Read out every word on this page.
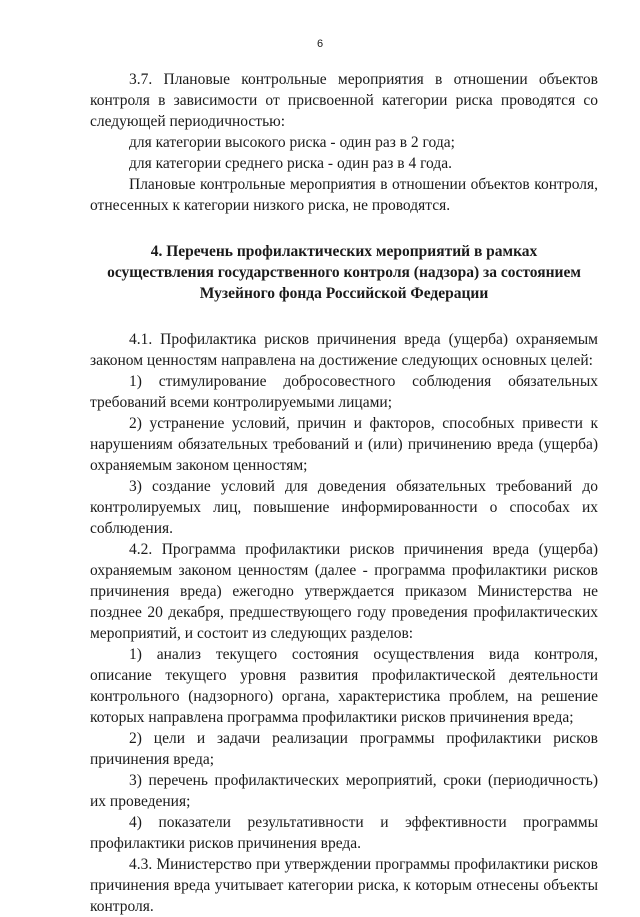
6

3.7. Плановые контрольные мероприятия в отношении объектов контроля в зависимости от присвоенной категории риска проводятся со следующей периодичностью:

для категории высокого риска - один раз в 2 года;

для категории среднего риска - один раз в 4 года.

Плановые контрольные мероприятия в отношении объектов контроля, отнесенных к категории низкого риска, не проводятся.

4. Перечень профилактических мероприятий в рамках
осуществления государственного контроля (надзора) за состоянием
Музейного фонда Российской Федерации

4.1. Профилактика рисков причинения вреда (ущерба) охраняемым законом ценностям направлена на достижение следующих основных целей:

1) стимулирование добросовестного соблюдения обязательных требований всеми контролируемыми лицами;

2) устранение условий, причин и факторов, способных привести к нарушениям обязательных требований и (или) причинению вреда (ущерба) охраняемым законом ценностям;

3) создание условий для доведения обязательных требований до контролируемых лиц, повышение информированности о способах их соблюдения.

4.2. Программа профилактики рисков причинения вреда (ущерба) охраняемым законом ценностям (далее - программа профилактики рисков причинения вреда) ежегодно утверждается приказом Министерства не позднее 20 декабря, предшествующего году проведения профилактических мероприятий, и состоит из следующих разделов:

1) анализ текущего состояния осуществления вида контроля, описание текущего уровня развития профилактической деятельности контрольного (надзорного) органа, характеристика проблем, на решение которых направлена программа профилактики рисков причинения вреда;

2) цели и задачи реализации программы профилактики рисков причинения вреда;

3) перечень профилактических мероприятий, сроки (периодичность) их проведения;

4) показатели результативности и эффективности программы профилактики рисков причинения вреда.

4.3. Министерство при утверждении программы профилактики рисков причинения вреда учитывает категории риска, к которым отнесены объекты контроля.
